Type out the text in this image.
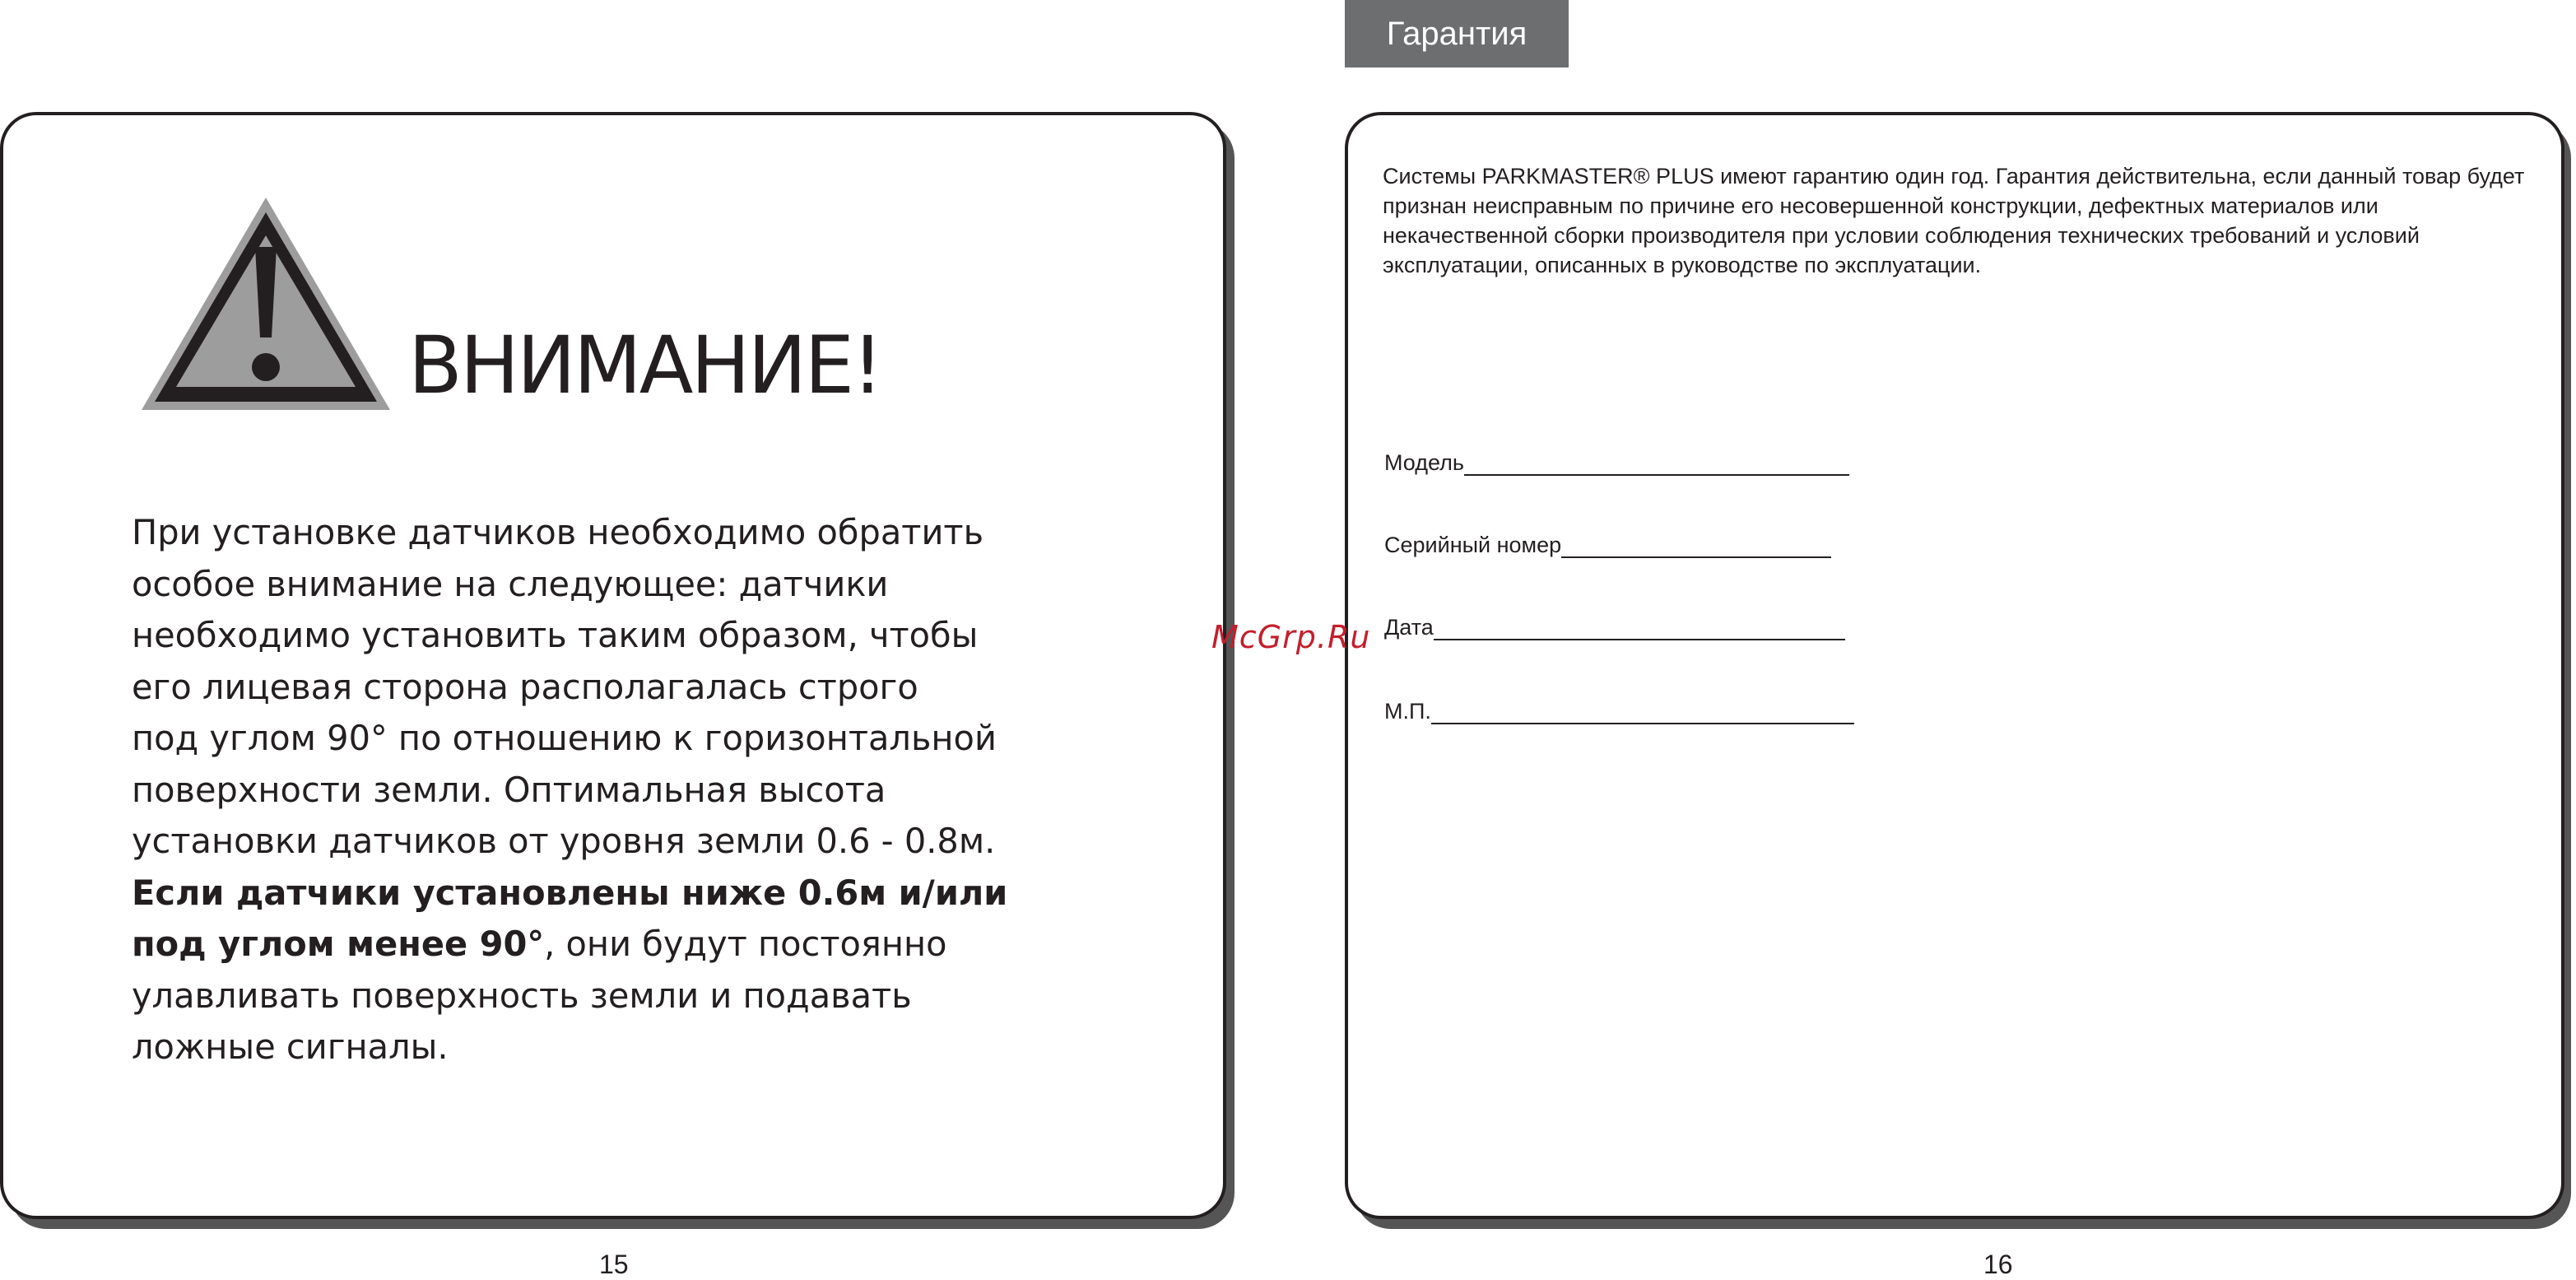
Гарантия
ВНИМАНИЕ!
При установке датчиков необходимо обратить
особое внимание на следующее: датчики
необходимо установить таким образом, чтобы
его лицевая сторона располагалась строго
под углом 90° по отношению к горизонтальной
поверхности земли. Оптимальная высота
установки датчиков от уровня земли 0.6 - 0.8м.
Если датчики установлены ниже 0.6м и/или
под углом менее 90°, они будут постоянно
улавливать поверхность земли и подавать
ложные сигналы.
15
Системы PARKMASTER® PLUS имеют гарантию один год. Гарантия действительна, если данный товар будет
признан неисправным по причине его несовершенной конструкции, дефектных материалов или
некачественной сборки производителя при условии соблюдения технических требований и условий
эксплуатации, описанных в руководстве по эксплуатации.
Модель
Серийный номер
Дата
М.П.
16
McGrp.Ru
